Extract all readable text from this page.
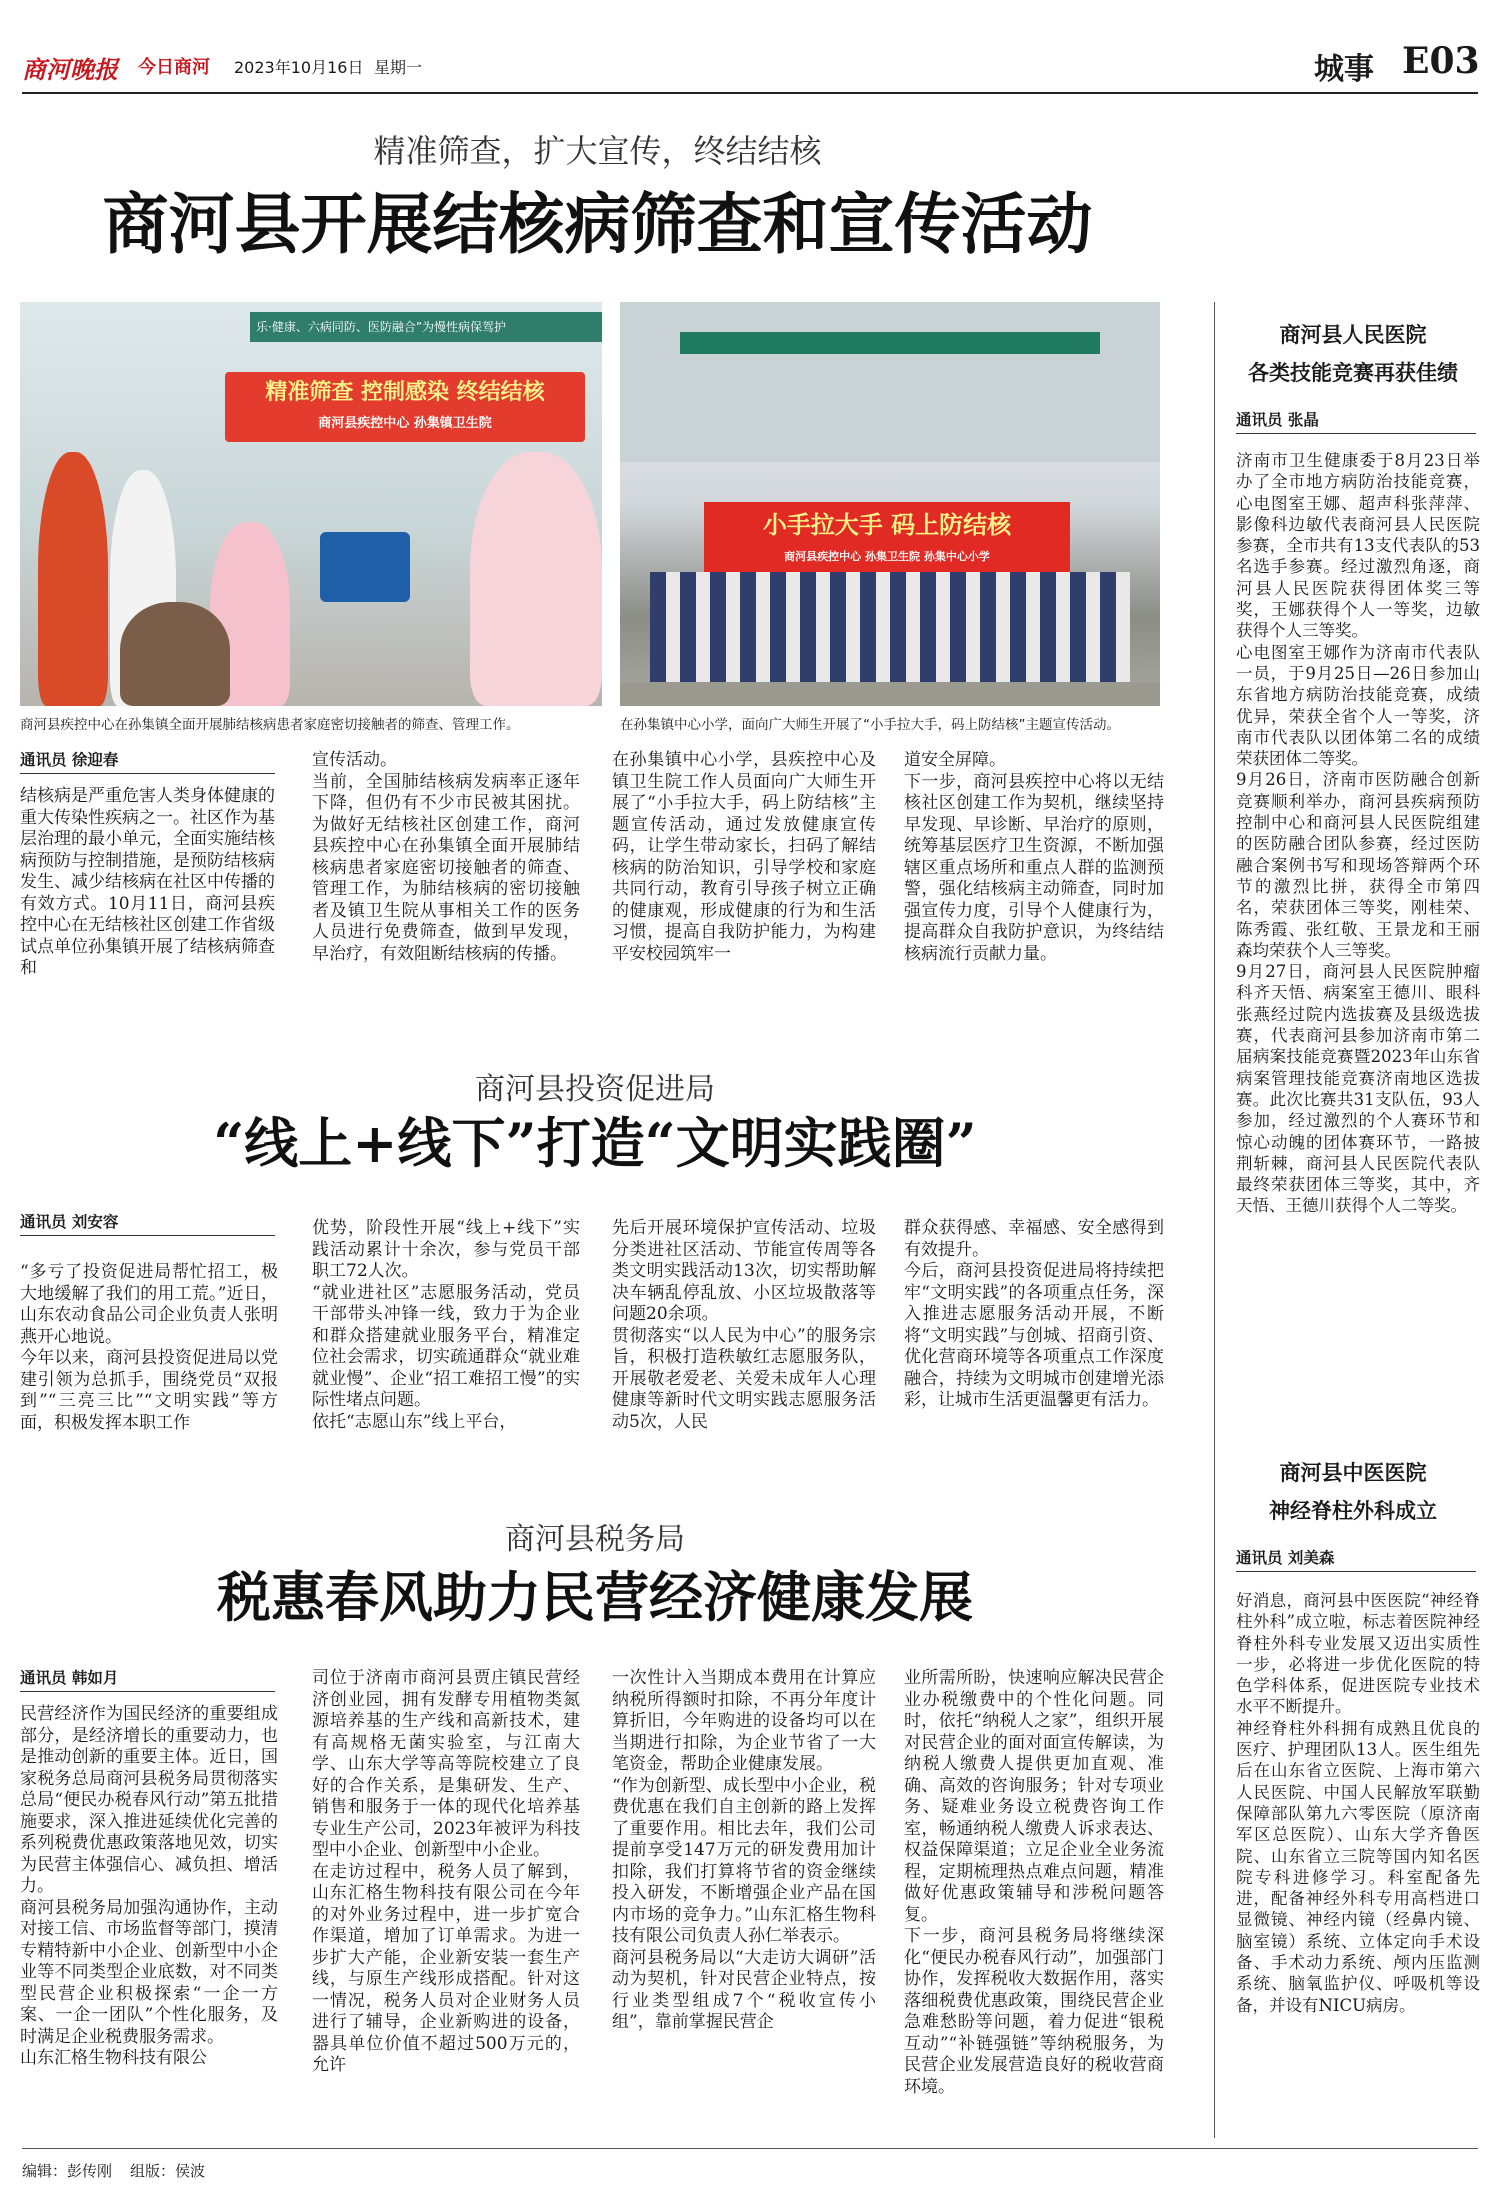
商河晚报 今日商河 2023年10月16日 星期一	城事 E03
精准筛查，扩大宣传，终结结核
商河县开展结核病筛查和宣传活动
乐·健康、六病同防、医防融合”为慢性病保驾护
精准筛查 控制感染 终结结核
商河县疾控中心 孙集镇卫生院
商河县疾控中心在孙集镇全面开展肺结核病患者家庭密切接触者的筛查、管理工作。
小手拉大手 码上防结核
商河县疾控中心 孙集卫生院 孙集中心小学
在孙集镇中心小学，面向广大师生开展了“小手拉大手，码上防结核”主题宣传活动。
通讯员 徐迎春
结核病是严重危害人类身体健康的重大传染性疾病之一。社区作为基层治理的最小单元，全面实施结核病预防与控制措施，是预防结核病发生、减少结核病在社区中传播的有效方式。10月11日，商河县疾控中心在无结核社区创建工作省级试点单位孙集镇开展了结核病筛查和
宣传活动。
当前，全国肺结核病发病率正逐年下降，但仍有不少市民被其困扰。为做好无结核社区创建工作，商河县疾控中心在孙集镇全面开展肺结核病患者家庭密切接触者的筛查、管理工作，为肺结核病的密切接触者及镇卫生院从事相关工作的医务人员进行免费筛查，做到早发现，早治疗，有效阻断结核病的传播。
在孙集镇中心小学，县疾控中心及镇卫生院工作人员面向广大师生开展了“小手拉大手，码上防结核”主题宣传活动，通过发放健康宣传码，让学生带动家长，扫码了解结核病的防治知识，引导学校和家庭共同行动，教育引导孩子树立正确的健康观，形成健康的行为和生活习惯，提高自我防护能力，为构建平安校园筑牢一
道安全屏障。
下一步，商河县疾控中心将以无结核社区创建工作为契机，继续坚持早发现、早诊断、早治疗的原则，统筹基层医疗卫生资源，不断加强辖区重点场所和重点人群的监测预警，强化结核病主动筛查，同时加强宣传力度，引导个人健康行为，提高群众自我防护意识，为终结结核病流行贡献力量。
商河县投资促进局
“线上+线下”打造“文明实践圈”
通讯员 刘安容
“多亏了投资促进局帮忙招工，极大地缓解了我们的用工荒。”近日，山东农动食品公司企业负责人张明燕开心地说。
今年以来，商河县投资促进局以党建引领为总抓手，围绕党员“双报到”“三亮三比”“文明实践”等方面，积极发挥本职工作
优势，阶段性开展“线上+线下”实践活动累计十余次，参与党员干部职工72人次。
“就业进社区”志愿服务活动，党员干部带头冲锋一线，致力于为企业和群众搭建就业服务平台，精准定位社会需求，切实疏通群众“就业难就业慢”、企业“招工难招工慢”的实际性堵点问题。
依托“志愿山东”线上平台，
先后开展环境保护宣传活动、垃圾分类进社区活动、节能宣传周等各类文明实践活动13次，切实帮助解决车辆乱停乱放、小区垃圾散落等问题20余项。
贯彻落实“以人民为中心”的服务宗旨，积极打造秩敏红志愿服务队，开展敬老爱老、关爱未成年人心理健康等新时代文明实践志愿服务活动5次，人民
群众获得感、幸福感、安全感得到有效提升。
今后，商河县投资促进局将持续把牢“文明实践”的各项重点任务，深入推进志愿服务活动开展，不断将“文明实践”与创城、招商引资、优化营商环境等各项重点工作深度融合，持续为文明城市创建增光添彩，让城市生活更温馨更有活力。
商河县税务局
税惠春风助力民营经济健康发展
通讯员 韩如月
民营经济作为国民经济的重要组成部分，是经济增长的重要动力，也是推动创新的重要主体。近日，国家税务总局商河县税务局贯彻落实总局“便民办税春风行动”第五批措施要求，深入推进延续优化完善的系列税费优惠政策落地见效，切实为民营主体强信心、减负担、增活力。
商河县税务局加强沟通协作，主动对接工信、市场监督等部门，摸清专精特新中小企业、创新型中小企业等不同类型企业底数，对不同类型民营企业积极探索“一企一方案、一企一团队”个性化服务，及时满足企业税费服务需求。
山东汇格生物科技有限公
司位于济南市商河县贾庄镇民营经济创业园，拥有发酵专用植物类氮源培养基的生产线和高新技术，建有高规格无菌实验室，与江南大学、山东大学等高等院校建立了良好的合作关系，是集研发、生产、销售和服务于一体的现代化培养基专业生产公司，2023年被评为科技型中小企业、创新型中小企业。
在走访过程中，税务人员了解到，山东汇格生物科技有限公司在今年的对外业务过程中，进一步扩宽合作渠道，增加了订单需求。为进一步扩大产能，企业新安装一套生产线，与原生产线形成搭配。针对这一情况，税务人员对企业财务人员进行了辅导，企业新购进的设备，器具单位价值不超过500万元的，允许
一次性计入当期成本费用在计算应纳税所得额时扣除，不再分年度计算折旧，今年购进的设备均可以在当期进行扣除，为企业节省了一大笔资金，帮助企业健康发展。
“作为创新型、成长型中小企业，税费优惠在我们自主创新的路上发挥了重要作用。相比去年，我们公司提前享受147万元的研发费用加计扣除，我们打算将节省的资金继续投入研发，不断增强企业产品在国内市场的竞争力。”山东汇格生物科技有限公司负责人孙仁举表示。
商河县税务局以“大走访大调研”活动为契机，针对民营企业特点，按行业类型组成7个“税收宣传小组”，靠前掌握民营企
业所需所盼，快速响应解决民营企业办税缴费中的个性化问题。同时，依托“纳税人之家”，组织开展对民营企业的面对面宣传解读，为纳税人缴费人提供更加直观、准确、高效的咨询服务；针对专项业务、疑难业务设立税费咨询工作室，畅通纳税人缴费人诉求表达、权益保障渠道；立足企业全业务流程，定期梳理热点难点问题，精准做好优惠政策辅导和涉税问题答复。
下一步，商河县税务局将继续深化“便民办税春风行动”，加强部门协作，发挥税收大数据作用，落实落细税费优惠政策，围绕民营企业急难愁盼等问题，着力促进“银税互动”“补链强链”等纳税服务，为民营企业发展营造良好的税收营商环境。
商河县人民医院
各类技能竞赛再获佳绩
通讯员 张晶
济南市卫生健康委于8月23日举办了全市地方病防治技能竞赛，心电图室王娜、超声科张萍萍、影像科边敏代表商河县人民医院参赛，全市共有13支代表队的53名选手参赛。经过激烈角逐，商河县人民医院获得团体奖三等奖，王娜获得个人一等奖，边敏获得个人三等奖。
心电图室王娜作为济南市代表队一员，于9月25日—26日参加山东省地方病防治技能竞赛，成绩优异，荣获全省个人一等奖，济南市代表队以团体第二名的成绩荣获团体二等奖。
9月26日，济南市医防融合创新竞赛顺利举办，商河县疾病预防控制中心和商河县人民医院组建的医防融合团队参赛，经过医防融合案例书写和现场答辩两个环节的激烈比拼，获得全市第四名，荣获团体三等奖，刚桂荣、陈秀霞、张红敬、王景龙和王丽森均荣获个人三等奖。
9月27日，商河县人民医院肿瘤科齐天悟、病案室王德川、眼科张燕经过院内选拔赛及县级选拔赛，代表商河县参加济南市第二届病案技能竞赛暨2023年山东省病案管理技能竞赛济南地区选拔赛。此次比赛共31支队伍，93人参加，经过激烈的个人赛环节和惊心动魄的团体赛环节，一路披荆斩棘，商河县人民医院代表队最终荣获团体三等奖，其中，齐天悟、王德川获得个人二等奖。
商河县中医医院
神经脊柱外科成立
通讯员 刘美森
好消息，商河县中医医院“神经脊柱外科”成立啦，标志着医院神经脊柱外科专业发展又迈出实质性一步，必将进一步优化医院的特色学科体系，促进医院专业技术水平不断提升。
神经脊柱外科拥有成熟且优良的医疗、护理团队13人。医生组先后在山东省立医院、上海市第六人民医院、中国人民解放军联勤保障部队第九六零医院（原济南军区总医院）、山东大学齐鲁医院、山东省立三院等国内知名医院专科进修学习。科室配备先进，配备神经外科专用高档进口显微镜、神经内镜（经鼻内镜、脑室镜）系统、立体定向手术设备、手术动力系统、颅内压监测系统、脑氧监护仪、呼吸机等设备，并设有NICU病房。
编辑：彭传刚 组版：侯波
